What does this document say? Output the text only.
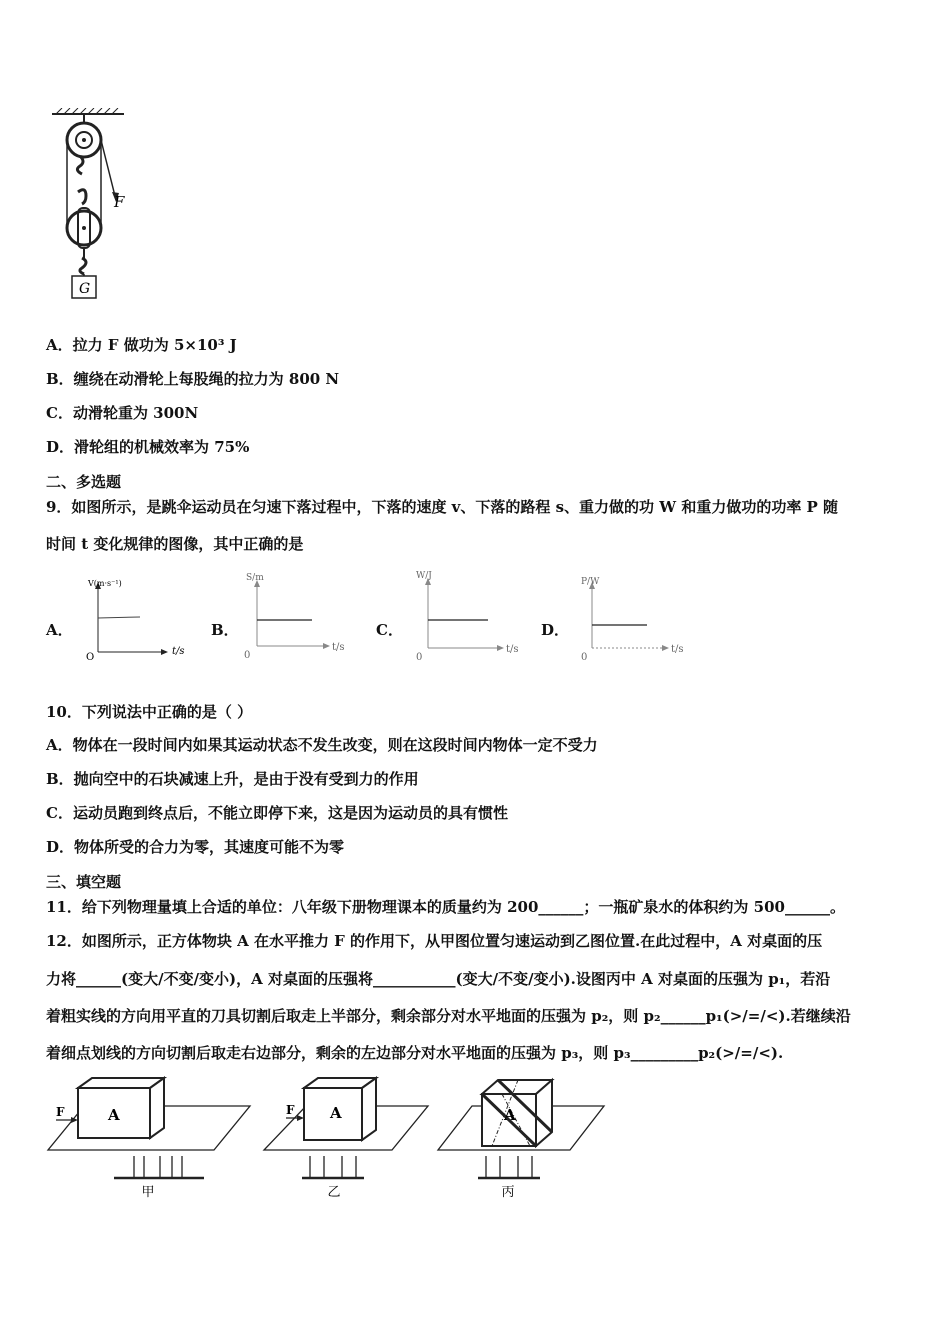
G
F
A．拉力 F 做功为 5×10³ J
B．缠绕在动滑轮上每股绳的拉力为 800 N
C．动滑轮重为 300N
D．滑轮组的机械效率为 75%
二、多选题
9．如图所示，是跳伞运动员在匀速下落过程中，下落的速度 v、下落的路程 s、重力做的功 W 和重力做功的功率 P 随
时间 t 变化规律的图像，其中正确的是
A．
V(m·s⁻¹)
t/s
O
B．
S/m
t/s
0
C．
W/J
t/s
0
D．
P/W
t/s
0
10．下列说法中正确的是（ ）
A．物体在一段时间内如果其运动状态不发生改变，则在这段时间内物体一定不受力
B．抛向空中的石块减速上升，是由于没有受到力的作用
C．运动员跑到终点后，不能立即停下来，这是因为运动员的具有惯性
D．物体所受的合力为零，其速度可能不为零
三、填空题
11．给下列物理量填上合适的单位：八年级下册物理课本的质量约为 200______；一瓶矿泉水的体积约为 500______。
12．如图所示，正方体物块 A 在水平推力 F 的作用下，从甲图位置匀速运动到乙图位置.在此过程中，A 对桌面的压
力将______(变大/不变/变小)，A 对桌面的压强将___________(变大/不变/变小).设图丙中 A 对桌面的压强为 p₁，若沿
着粗实线的方向用平直的刀具切割后取走上半部分，剩余部分对水平地面的压强为 p₂，则 p₂______p₁(>/=/<).若继续沿
着细点划线的方向切割后取走右边部分，剩余的左边部分对水平地面的压强为 p₃，则 p₃_________p₂(>/=/<).
A
F
甲
A
F
乙
A
丙
